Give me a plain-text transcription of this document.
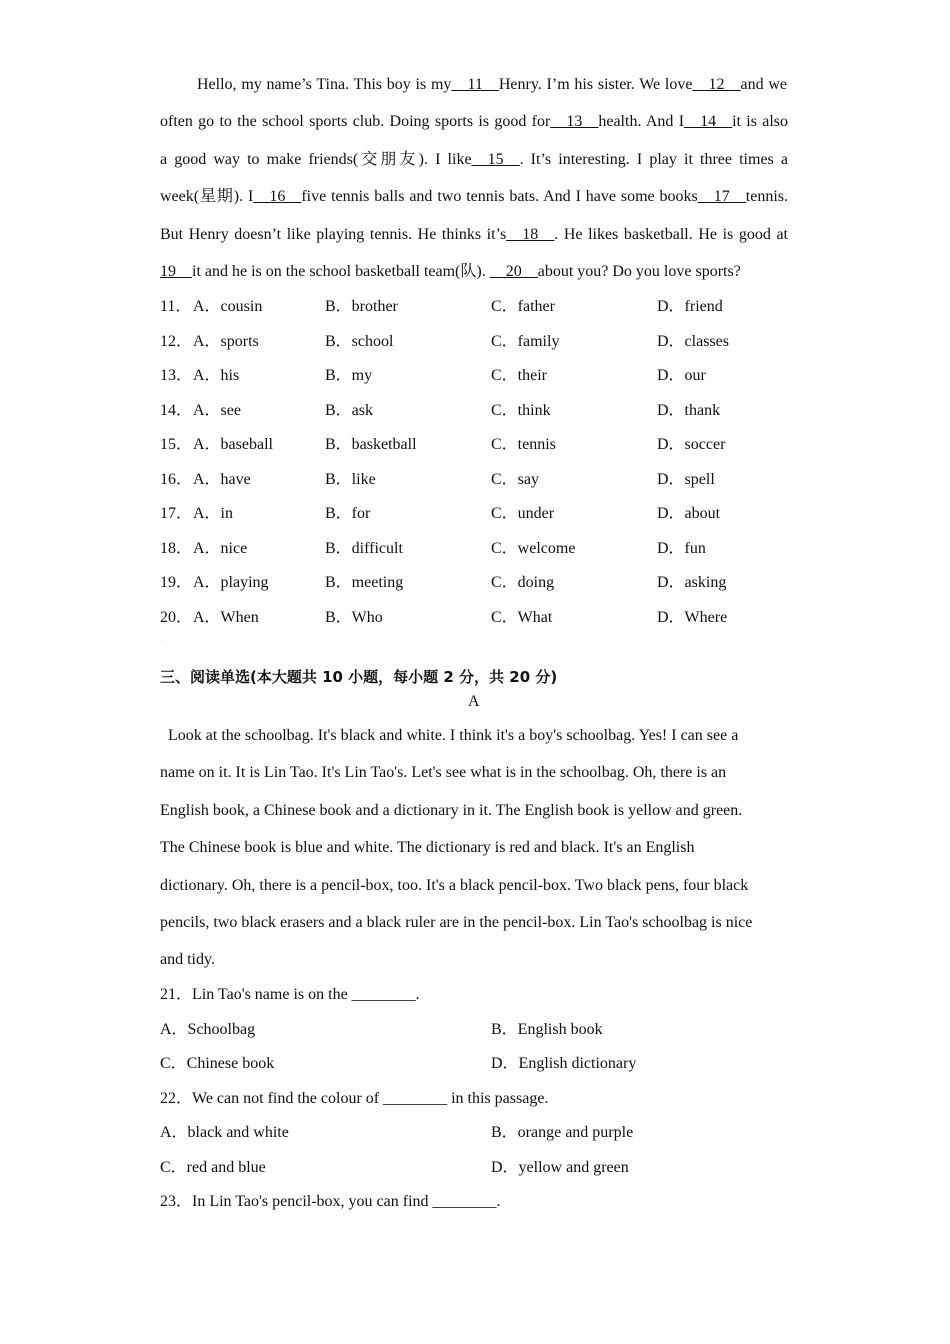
Hello, my name’s Tina. This boy is my__11__Henry. I’m his sister. We love__12__and we
often go to the school sports club. Doing sports is good for__13__health. And I__14__it is also
a good way to make friends(交朋友). I like__15__. It’s interesting. I play it three times a
week(星期). I__16__five tennis balls and two tennis bats. And I have some books__17__tennis.
But Henry doesn’t like playing tennis. He thinks it’s__18__. He likes basketball. He is good at
19__it and he is on the school basketball team(队). __20__about you? Do you love sports?
11． A．cousin	B．brother	C．father	D．friend
12． A．sports	B．school	C．family	D．classes
13． A．his	B．my	C．their	D．our
14． A．see	B．ask	C．think	D．thank
15． A．baseball	B．basketball	C．tennis	D．soccer
16． A．have	B．like	C．say	D．spell
17． A．in	B．for	C．under	D．about
18． A．nice	B．difficult	C．welcome	D．fun
19． A．playing	B．meeting	C．doing	D．asking
20． A．When	B．Who	C．What	D．Where
·
三、阅读单选(本大题共 10 小题，每小题 2 分，共 20 分)
A
Look at the schoolbag. It's black and white. I think it's a boy's schoolbag. Yes! I can see a
name on it. It is Lin Tao. It's Lin Tao's. Let's see what is in the schoolbag. Oh, there is an
English book, a Chinese book and a dictionary in it. The English book is yellow and green.
The Chinese book is blue and white. The dictionary is red and black. It's an English
dictionary. Oh, there is a pencil-box, too. It's a black pencil-box. Two black pens, four black
pencils, two black erasers and a black ruler are in the pencil-box. Lin Tao's schoolbag is nice
and tidy.
21．Lin Tao's name is on the ________.
A．Schoolbag	B．English book
C．Chinese book	D．English dictionary
22．We can not find the colour of ________ in this passage.
A．black and white	B．orange and purple
C．red and blue	D．yellow and green
23．In Lin Tao's pencil-box, you can find ________.
